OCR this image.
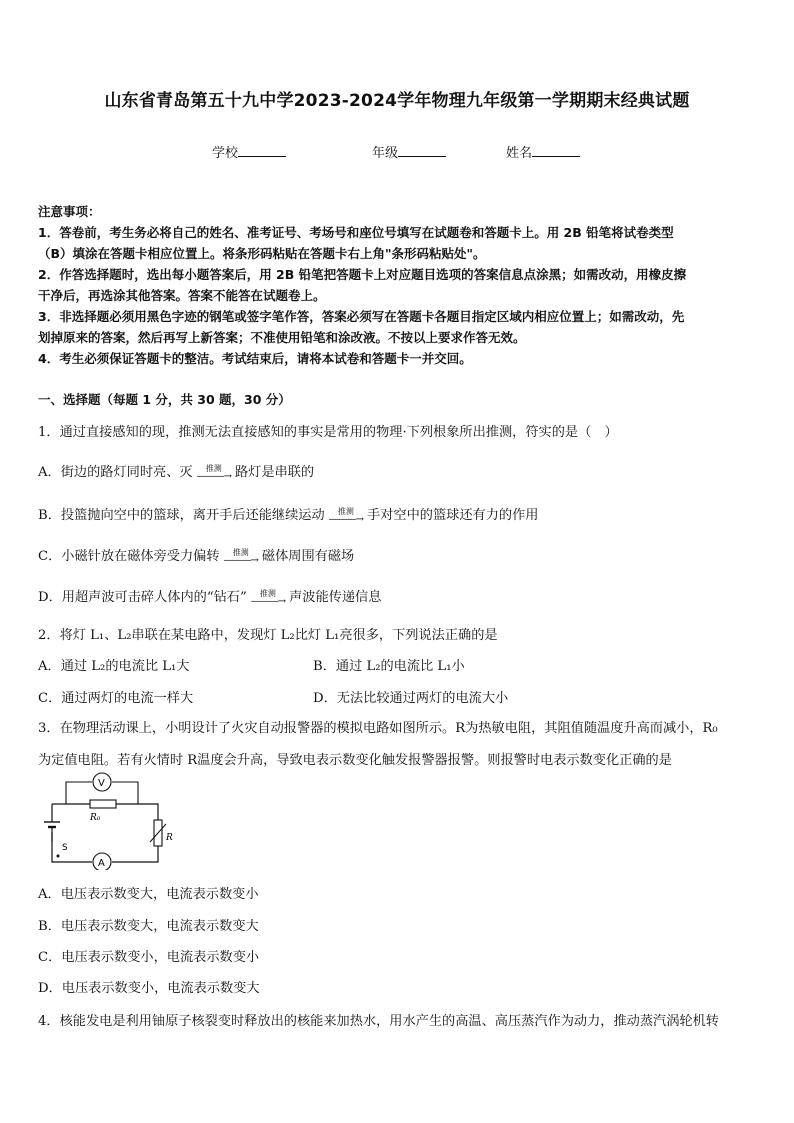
山东省青岛第五十九中学2023-2024学年物理九年级第一学期期末经典试题
学校	年级	姓名

注意事项：

1．答卷前，考生务必将自己的姓名、准考证号、考场号和座位号填写在试题卷和答题卡上。用 2B 铅笔将试卷类型

（B）填涂在答题卡相应位置上。将条形码粘贴在答题卡右上角"条形码粘贴处"。

2．作答选择题时，选出每小题答案后，用 2B 铅笔把答题卡上对应题目选项的答案信息点涂黑；如需改动，用橡皮擦

干净后，再选涂其他答案。答案不能答在试题卷上。

3．非选择题必须用黑色字迹的钢笔或签字笔作答，答案必须写在答题卡各题目指定区域内相应位置上；如需改动，先

划掉原来的答案，然后再写上新答案；不准使用铅笔和涂改液。不按以上要求作答无效。

4．考生必须保证答题卡的整洁。考试结束后，请将本试卷和答题卡一并交回。

一、选择题（每题 1 分，共 30 题，30 分）
1．通过直接感知的现，推测无法直接感知的事实是常用的物理·下列根象所出推测，符实的是（　）
A．街边的路灯同时亮、灭 推测
———→ 路灯是串联的
B．投篮抛向空中的篮球，离开手后还能继续运动 推测
———→ 手对空中的篮球还有力的作用
C．小磁针放在磁体旁受力偏转 推测
———→ 磁体周围有磁场
D．用超声波可击碎人体内的“钻石” 推测
———→ 声波能传递信息
2．将灯 L₁、L₂串联在某电路中，发现灯 L₂比灯 L₁亮很多，下列说法正确的是
A．通过 L₂的电流比 L₁大	B．通过 L₂的电流比 L₁小
C．通过两灯的电流一样大	D．无法比较通过两灯的电流大小
3．在物理活动课上，小明设计了火灾自动报警器的模拟电路如图所示。R为热敏电阻，其阻值随温度升高而减小，R₀
为定值电阻。若有火情时 R温度会升高，导致电表示数变化触发报警器报警。则报警时电表示数变化正确的是
S
R₀
V
A
R
A．电压表示数变大，电流表示数变小
B．电压表示数变大，电流表示数变大
C．电压表示数变小，电流表示数变小
D．电压表示数变小，电流表示数变大
4．核能发电是利用铀原子核裂变时释放出的核能来加热水，用水产生的高温、高压蒸汽作为动力，推动蒸汽涡轮机转
